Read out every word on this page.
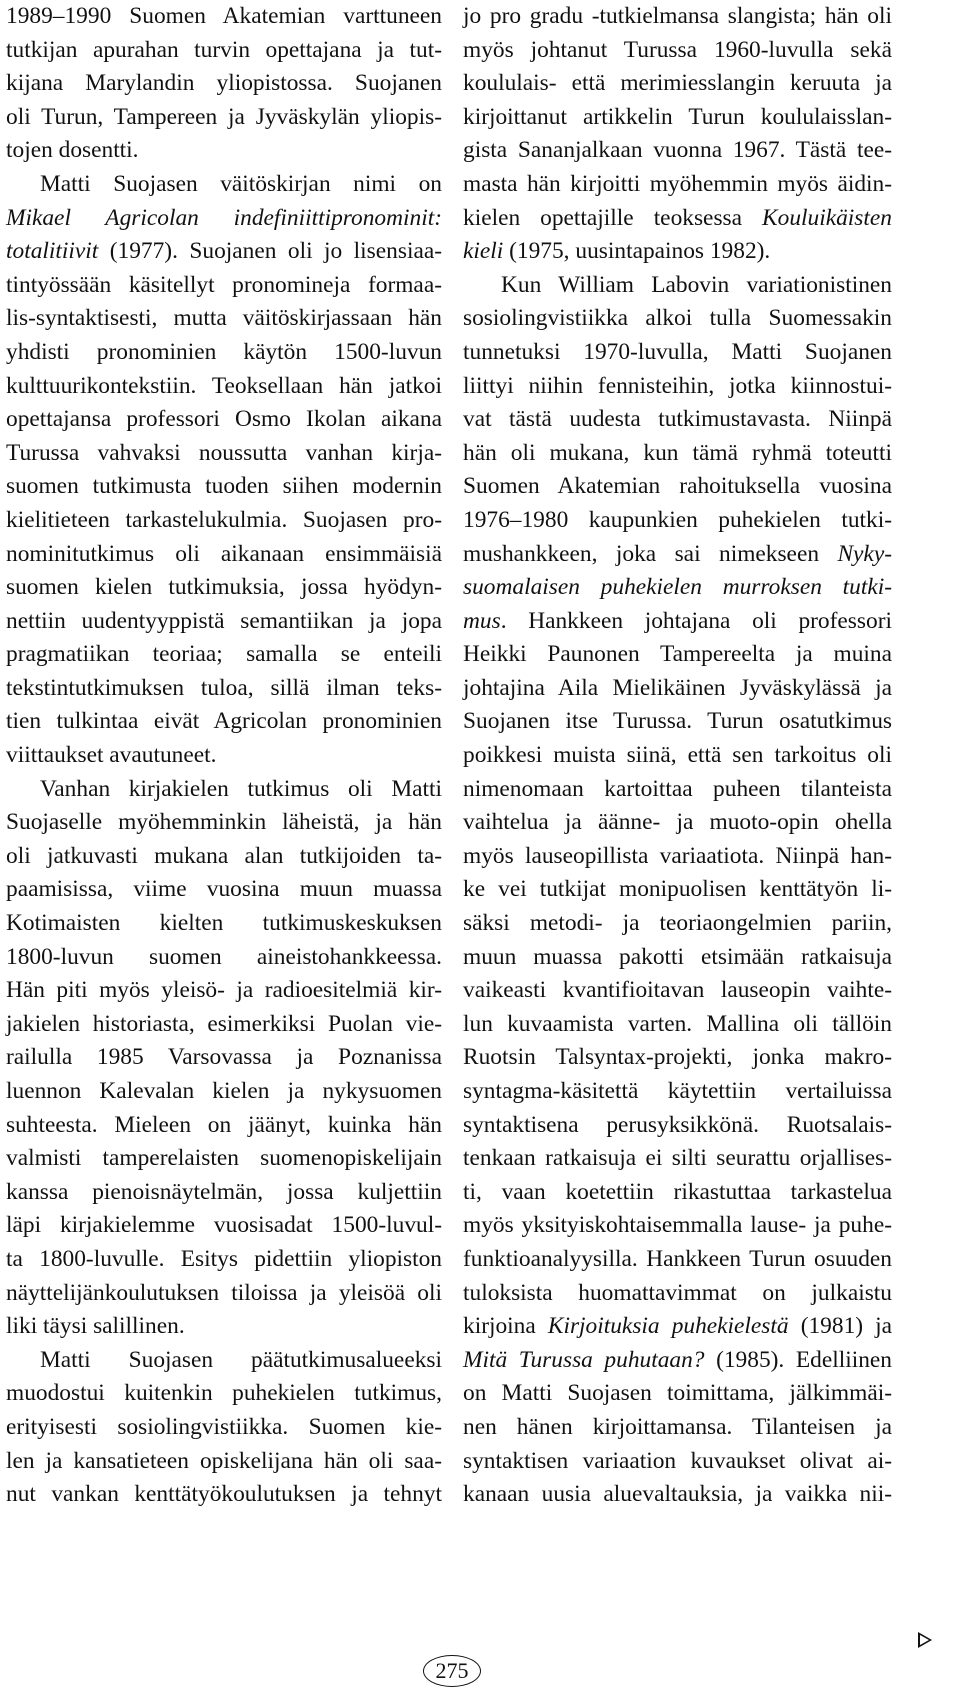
1989–1990 Suomen Akatemian varttuneen
tutkijan apurahan turvin opettajana ja tut-
kijana Marylandin yliopistossa. Suojanen
oli Turun, Tampereen ja Jyväskylän yliopis-
tojen dosentti.
Matti Suojasen väitöskirjan nimi on
Mikael Agricolan indefiniittipronominit:
totalitiivit (1977). Suojanen oli jo lisensiaa-
tintyössään käsitellyt pronomineja formaa-
lis-syntaktisesti, mutta väitöskirjassaan hän
yhdisti pronominien käytön 1500-luvun
kulttuurikontekstiin. Teoksellaan hän jatkoi
opettajansa professori Osmo Ikolan aikana
Turussa vahvaksi noussutta vanhan kirja-
suomen tutkimusta tuoden siihen modernin
kielitieteen tarkastelukulmia. Suojasen pro-
nominitutkimus oli aikanaan ensimmäisiä
suomen kielen tutkimuksia, jossa hyödyn-
nettiin uudentyyppistä semantiikan ja jopa
pragmatiikan teoriaa; samalla se enteili
tekstintutkimuksen tuloa, sillä ilman teks-
tien tulkintaa eivät Agricolan pronominien
viittaukset avautuneet.
Vanhan kirjakielen tutkimus oli Matti
Suojaselle myöhemminkin läheistä, ja hän
oli jatkuvasti mukana alan tutkijoiden ta-
paamisissa, viime vuosina muun muassa
Kotimaisten kielten tutkimuskeskuksen
1800-luvun suomen aineistohankkeessa.
Hän piti myös yleisö- ja radioesitelmiä kir-
jakielen historiasta, esimerkiksi Puolan vie-
railulla 1985 Varsovassa ja Poznanissa
luennon Kalevalan kielen ja nykysuomen
suhteesta. Mieleen on jäänyt, kuinka hän
valmisti tamperelaisten suomenopiskelijain
kanssa pienoisnäytelmän, jossa kuljettiin
läpi kirjakielemme vuosisadat 1500-luvul-
ta 1800-luvulle. Esitys pidettiin yliopiston
näyttelijänkoulutuksen tiloissa ja yleisöä oli
liki täysi salillinen.
Matti Suojasen päätutkimusalueeksi
muodostui kuitenkin puhekielen tutkimus,
erityisesti sosiolingvistiikka. Suomen kie-
len ja kansatieteen opiskelijana hän oli saa-
nut vankan kenttätyökoulutuksen ja tehnyt
jo pro gradu -tutkielmansa slangista; hän oli
myös johtanut Turussa 1960-luvulla sekä
koululais- että merimiesslangin keruuta ja
kirjoittanut artikkelin Turun koululaisslan-
gista Sananjalkaan vuonna 1967. Tästä tee-
masta hän kirjoitti myöhemmin myös äidin-
kielen opettajille teoksessa Kouluikäisten
kieli (1975, uusintapainos 1982).
Kun William Labovin variationistinen
sosiolingvistiikka alkoi tulla Suomessakin
tunnetuksi 1970-luvulla, Matti Suojanen
liittyi niihin fennisteihin, jotka kiinnostui-
vat tästä uudesta tutkimustavasta. Niinpä
hän oli mukana, kun tämä ryhmä toteutti
Suomen Akatemian rahoituksella vuosina
1976–1980 kaupunkien puhekielen tutki-
mushankkeen, joka sai nimekseen Nyky-
suomalaisen puhekielen murroksen tutki-
mus. Hankkeen johtajana oli professori
Heikki Paunonen Tampereelta ja muina
johtajina Aila Mielikäinen Jyväskylässä ja
Suojanen itse Turussa. Turun osatutkimus
poikkesi muista siinä, että sen tarkoitus oli
nimenomaan kartoittaa puheen tilanteista
vaihtelua ja äänne- ja muoto-opin ohella
myös lauseopillista variaatiota. Niinpä han-
ke vei tutkijat monipuolisen kenttätyön li-
säksi metodi- ja teoriaongelmien pariin,
muun muassa pakotti etsimään ratkaisuja
vaikeasti kvantifioitavan lauseopin vaihte-
lun kuvaamista varten. Mallina oli tällöin
Ruotsin Talsyntax-projekti, jonka makro-
syntagma-käsitettä käytettiin vertailuissa
syntaktisena perusyksikkönä. Ruotsalais-
tenkaan ratkaisuja ei silti seurattu orjallises-
ti, vaan koetettiin rikastuttaa tarkastelua
myös yksityiskohtaisemmalla lause- ja puhe-
funktioanalyysilla. Hankkeen Turun osuuden
tuloksista huomattavimmat on julkaistu
kirjoina Kirjoituksia puhekielestä (1981) ja
Mitä Turussa puhutaan? (1985). Edelliinen
on Matti Suojasen toimittama, jälkimmäi-
nen hänen kirjoittamansa. Tilanteisen ja
syntaktisen variaation kuvaukset olivat ai-
kanaan uusia aluevaltauksia, ja vaikka nii-
275
